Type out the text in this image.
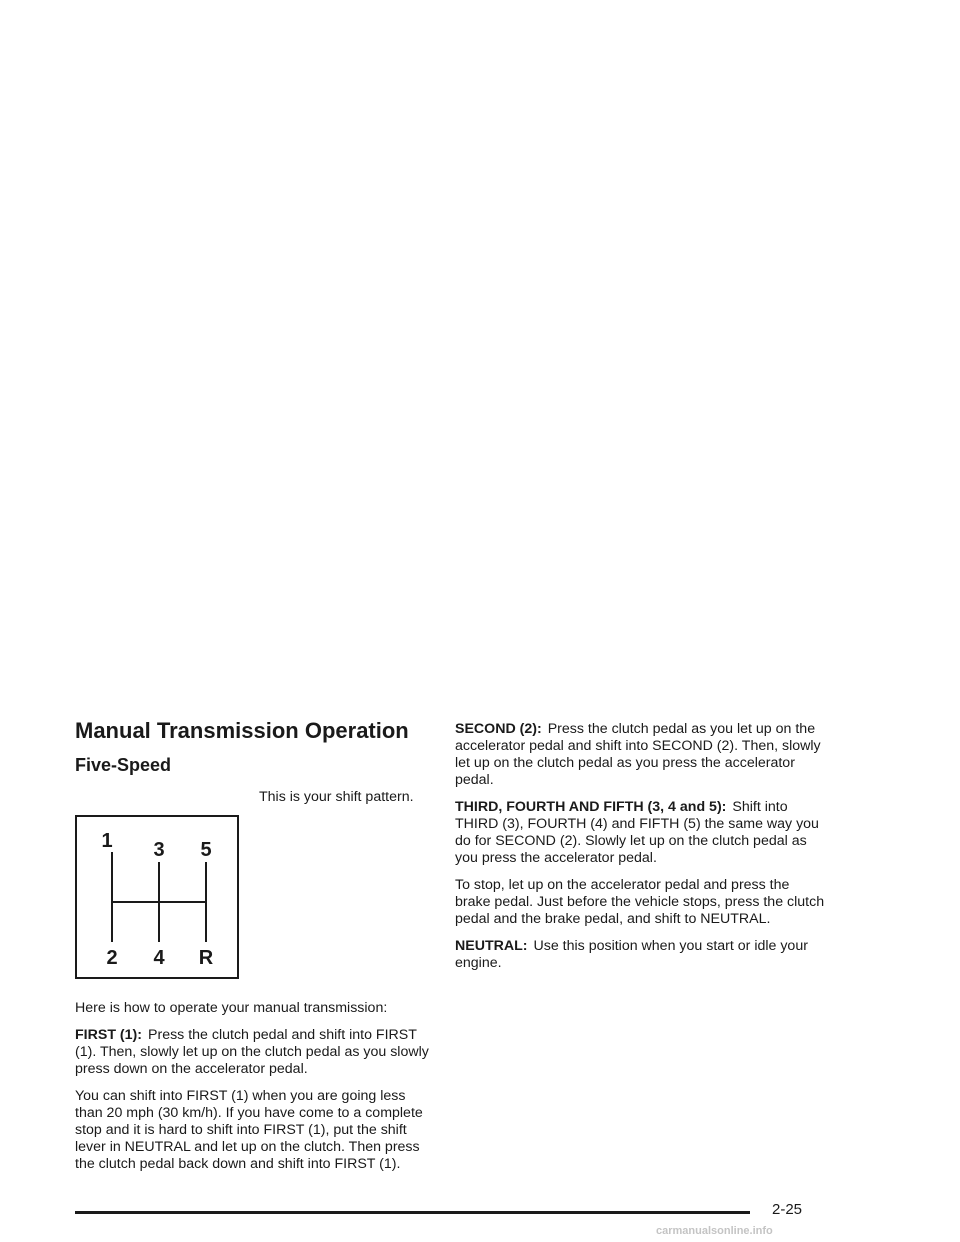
Manual Transmission Operation
Five-Speed
1 3 5
2 4 R

This is your shift pattern.

Here is how to operate your manual transmission:

FIRST (1): Press the clutch pedal and shift into FIRST (1). Then, slowly let up on the clutch pedal as you slowly press down on the accelerator pedal.

You can shift into FIRST (1) when you are going less than 20 mph (30 km/h). If you have come to a complete stop and it is hard to shift into FIRST (1), put the shift lever in NEUTRAL and let up on the clutch. Then press the clutch pedal back down and shift into FIRST (1).

SECOND (2): Press the clutch pedal as you let up on the accelerator pedal and shift into SECOND (2). Then, slowly let up on the clutch pedal as you press the accelerator pedal.

THIRD, FOURTH AND FIFTH (3, 4 and 5): Shift into THIRD (3), FOURTH (4) and FIFTH (5) the same way you do for SECOND (2). Slowly let up on the clutch pedal as you press the accelerator pedal.

To stop, let up on the accelerator pedal and press the brake pedal. Just before the vehicle stops, press the clutch pedal and the brake pedal, and shift to NEUTRAL.

NEUTRAL: Use this position when you start or idle your engine.

2-25
carmanualsonline.info
